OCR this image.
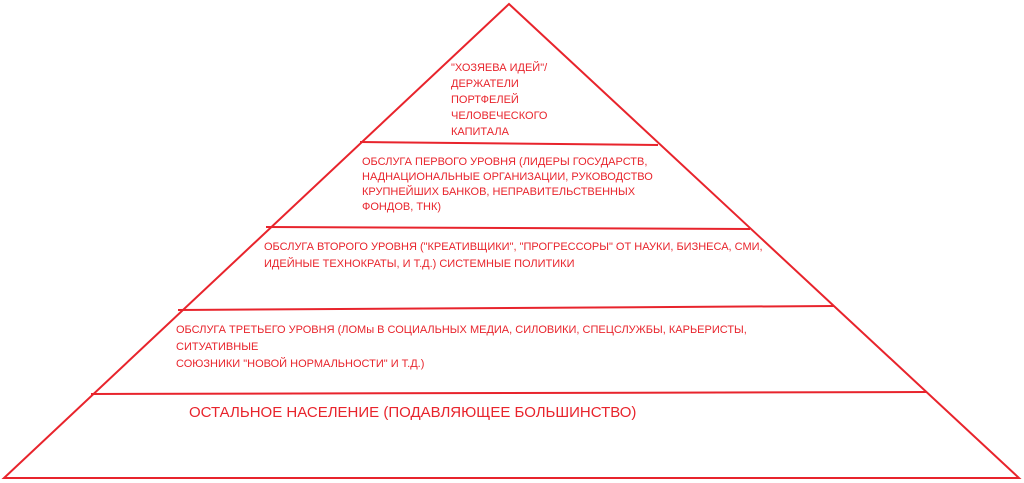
"ХОЗЯЕВА ИДЕЙ"/
ДЕРЖАТЕЛИ
ПОРТФЕЛЕЙ
ЧЕЛОВЕЧЕСКОГО
КАПИТАЛА

ОБСЛУГА ПЕРВОГО УРОВНЯ (ЛИДЕРЫ ГОСУДАРСТВ,
НАДНАЦИОНАЛЬНЫЕ ОРГАНИЗАЦИИ, РУКОВОДСТВО
КРУПНЕЙШИХ БАНКОВ, НЕПРАВИТЕЛЬСТВЕННЫХ
ФОНДОВ, ТНК)

ОБСЛУГА ВТОРОГО УРОВНЯ ("КРЕАТИВЩИКИ", "ПРОГРЕССОРЫ" ОТ НАУКИ, БИЗНЕСА, СМИ,
ИДЕЙНЫЕ ТЕХНОКРАТЫ, И Т.Д.) СИСТЕМНЫЕ ПОЛИТИКИ

ОБСЛУГА ТРЕТЬЕГО УРОВНЯ (ЛОМы В СОЦИАЛЬНЫХ МЕДИА, СИЛОВИКИ, СПЕЦСЛУЖБЫ, КАРЬЕРИСТЫ, СИТУАТИВНЫЕ
СОЮЗНИКИ "НОВОЙ НОРМАЛЬНОСТИ" И Т.Д.)

ОСТАЛЬНОЕ НАСЕЛЕНИЕ (ПОДАВЛЯЮЩЕЕ БОЛЬШИНСТВО)
